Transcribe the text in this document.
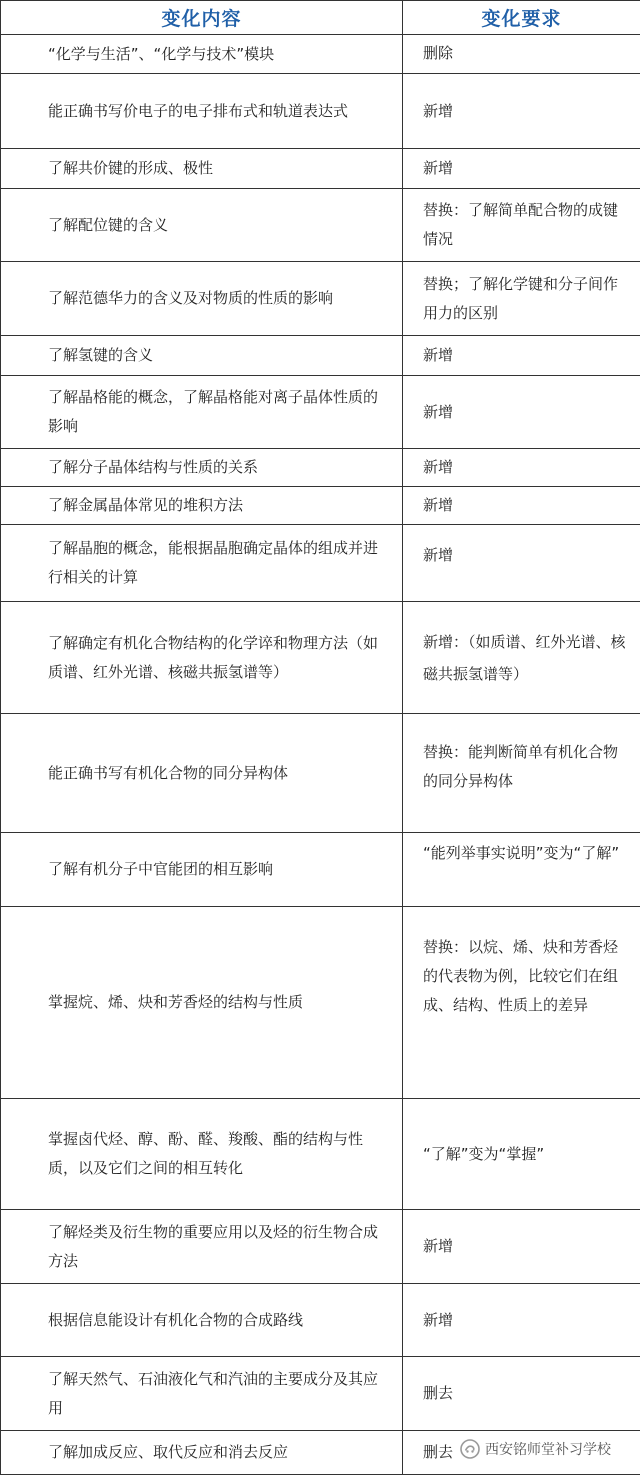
变化内容	变化要求
“化学与生活”、“化学与技术”模块	删除
能正确书写价电子的电子排布式和轨道表达式	新增
了解共价键的形成、极性	新增
了解配位键的含义	替换：了解简单配合物的成键情况
了解范德华力的含义及对物质的性质的影响	替换；了解化学键和分子间作用力的区别
了解氢键的含义	新增
了解晶格能的概念，了解晶格能对离子晶体性质的影响	新增
了解分子晶体结构与性质的关系	新增
了解金属晶体常见的堆积方法	新增
了解晶胞的概念，能根据晶胞确定晶体的组成并进行相关的计算	新增
了解确定有机化合物结构的化学谇和物理方法（如质谱、红外光谱、核磁共振氢谱等）	新增：（如质谱、红外光谱、核磁共振氢谱等）
能正确书写有机化合物的同分异构体	替换：能判断简单有机化合物的同分异构体
了解有机分子中官能团的相互影响	“能列举事实说明”变为“了解”
掌握烷、烯、炔和芳香烃的结构与性质	替换：以烷、烯、炔和芳香烃的代表物为例，比较它们在组成、结构、性质上的差异
掌握卤代烃、醇、酚、醛、羧酸、酯的结构与性质，以及它们之间的相互转化	“了解”变为“掌握”
了解烃类及衍生物的重要应用以及烃的衍生物合成方法	新增
根据信息能设计有机化合物的合成路线	新增
了解天然气、石油液化气和汽油的主要成分及其应用	删去
了解加成反应、取代反应和消去反应	删去 西安铭师堂补习学校
